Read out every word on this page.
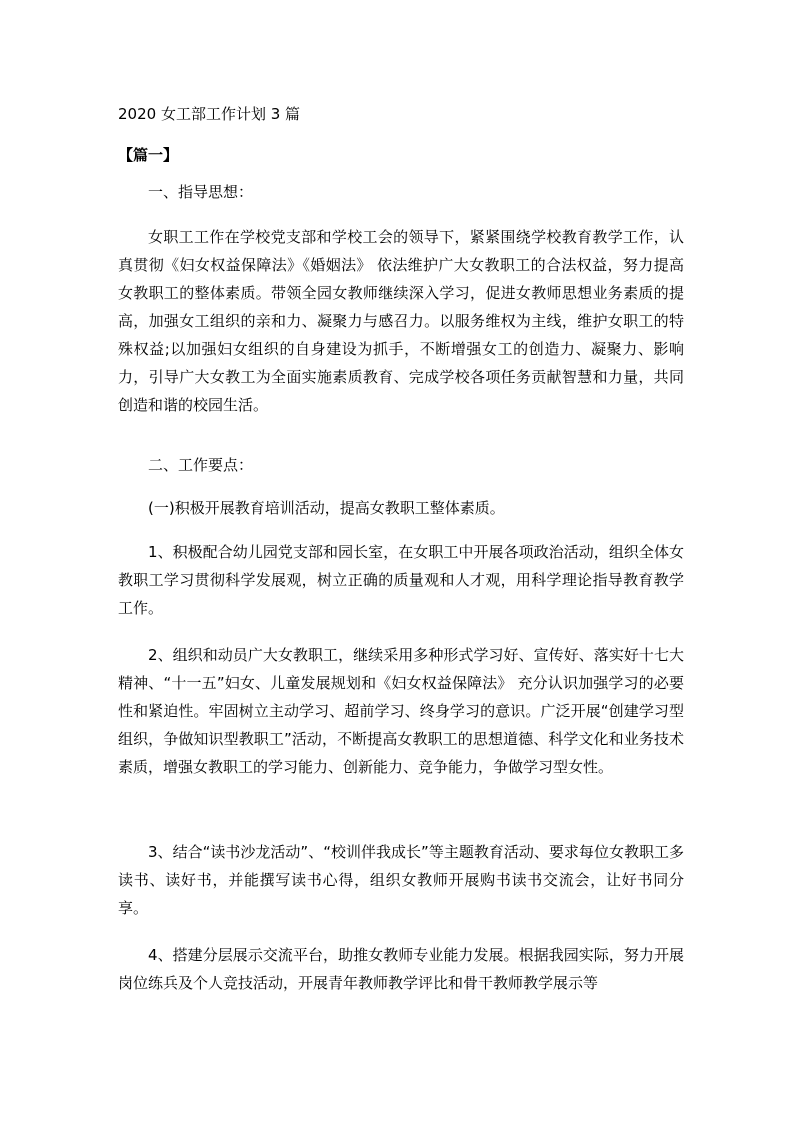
2020 女工部工作计划 3 篇
【篇一】

一、指导思想：

女职工工作在学校党支部和学校工会的领导下，紧紧围绕学校教育教学工作，认真贯彻《妇女权益保障法》《婚姻法》 依法维护广大女教职工的合法权益，努力提高女教职工的整体素质。带领全园女教师继续深入学习，促进女教师思想业务素质的提高，加强女工组织的亲和力、凝聚力与感召力。以服务维权为主线，维护女职工的特殊权益;以加强妇女组织的自身建设为抓手，不断增强女工的创造力、凝聚力、影响力，引导广大女教工为全面实施素质教育、完成学校各项任务贡献智慧和力量，共同创造和谐的校园生活。

二、工作要点：

(一)积极开展教育培训活动，提高女教职工整体素质。

1、积极配合幼儿园党支部和园长室，在女职工中开展各项政治活动，组织全体女教职工学习贯彻科学发展观，树立正确的质量观和人才观，用科学理论指导教育教学工作。

2、组织和动员广大女教职工，继续采用多种形式学习好、宣传好、落实好十七大精神、“十一五”妇女、儿童发展规划和《妇女权益保障法》 充分认识加强学习的必要性和紧迫性。牢固树立主动学习、超前学习、终身学习的意识。广泛开展“创建学习型组织，争做知识型教职工”活动，不断提高女教职工的思想道德、科学文化和业务技术素质，增强女教职工的学习能力、创新能力、竞争能力，争做学习型女性。

3、结合“读书沙龙活动”、“校训伴我成长”等主题教育活动、要求每位女教职工多读书、读好书，并能撰写读书心得，组织女教师开展购书读书交流会，让好书同分享。

4、搭建分层展示交流平台，助推女教师专业能力发展。根据我园实际，努力开展岗位练兵及个人竞技活动，开展青年教师教学评比和骨干教师教学展示等
